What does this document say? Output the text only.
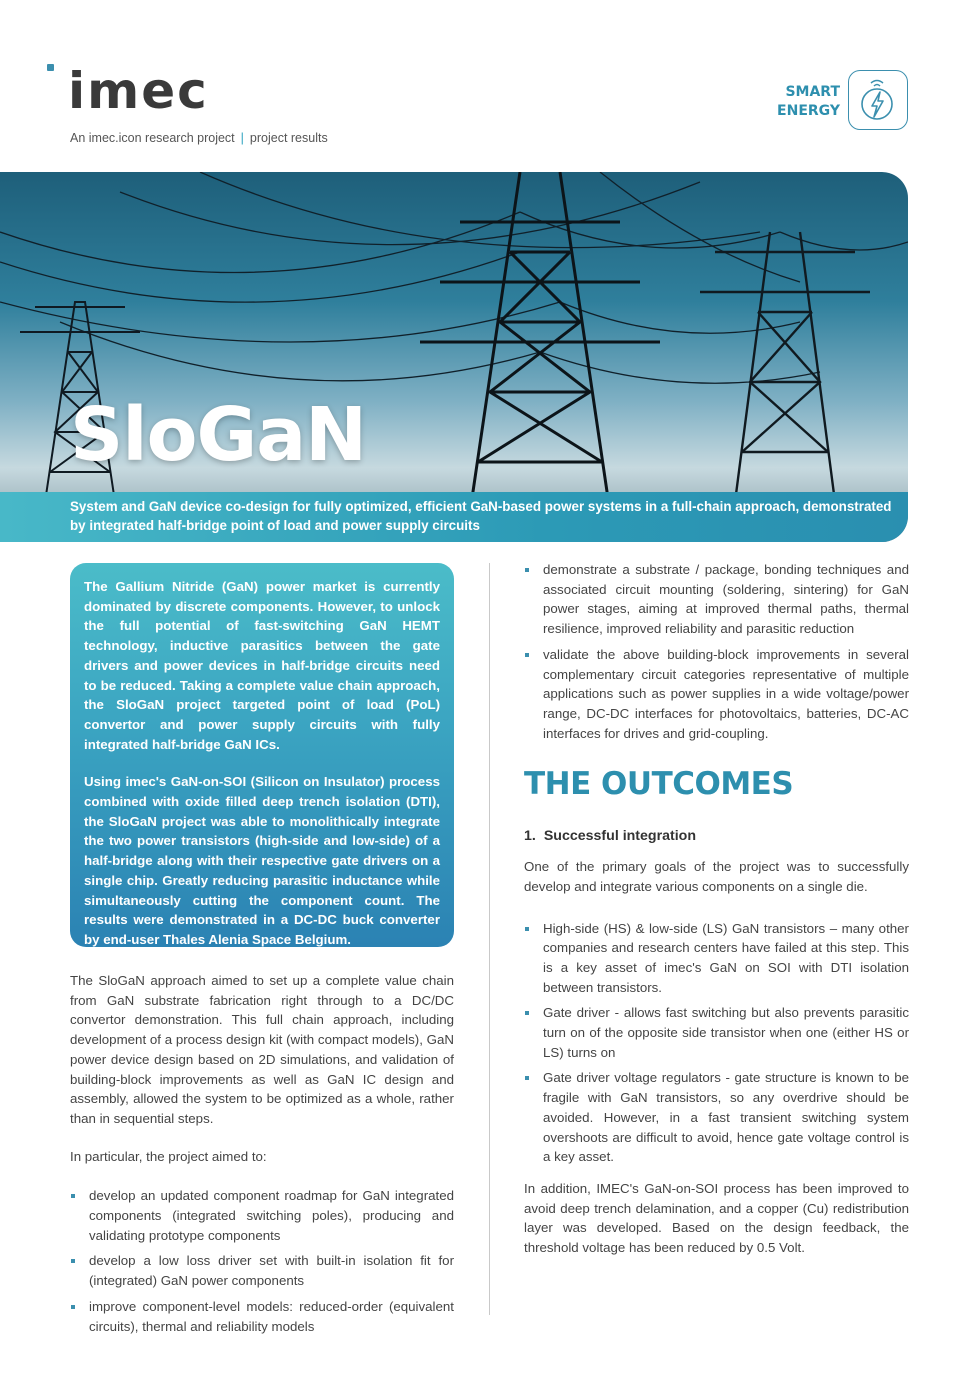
imec
An imec.icon research project | project results
SMART
ENERGY
SloGaN
System and GaN device co-design for fully optimized, efficient GaN-based power systems in a full-chain approach, demonstrated by integrated half-bridge point of load and power supply circuits

The Gallium Nitride (GaN) power market is currently dominated by discrete components. However, to unlock the full potential of fast-switching GaN HEMT technology, inductive parasitics between the gate drivers and power devices in half-bridge circuits need to be reduced. Taking a complete value chain approach, the SloGaN project targeted point of load (PoL) convertor and power supply circuits with fully integrated half-bridge GaN ICs.

Using imec's GaN-on-SOI (Silicon on Insulator) process combined with oxide filled deep trench isolation (DTI), the SloGaN project was able to monolithically integrate the two power transistors (high-side and low-side) of a half-bridge along with their respective gate drivers on a single chip. Greatly reducing parasitic inductance while simultaneously cutting the component count. The results were demonstrated in a DC-DC buck converter by end-user Thales Alenia Space Belgium.

The SloGaN approach aimed to set up a complete value chain from GaN substrate fabrication right through to a DC/DC convertor demonstration. This full chain approach, including development of a process design kit (with compact models), GaN power device design based on 2D simulations, and validation of building-block improvements as well as GaN IC design and assembly, allowed the system to be optimized as a whole, rather than in sequential steps.

In particular, the project aimed to:

develop an updated component roadmap for GaN integrated components (integrated switching poles), producing and validating prototype components
develop a low loss driver set with built-in isolation fit for (integrated) GaN power components
improve component-level models: reduced-order (equivalent circuits), thermal and reliability models
demonstrate a substrate / package, bonding techniques and associated circuit mounting (soldering, sintering) for GaN power stages, aiming at improved thermal paths, thermal resilience, improved reliability and parasitic reduction
validate the above building-block improvements in several complementary circuit categories representative of multiple applications such as power supplies in a wide voltage/power range, DC-DC interfaces for photovoltaics, batteries, DC-AC interfaces for drives and grid-coupling.
THE OUTCOMES
1. Successful integration

One of the primary goals of the project was to successfully develop and integrate various components on a single die.

High-side (HS) & low-side (LS) GaN transistors – many other companies and research centers have failed at this step. This is a key asset of imec's GaN on SOI with DTI isolation between transistors.
Gate driver - allows fast switching but also prevents parasitic turn on of the opposite side transistor when one (either HS or LS) turns on
Gate driver voltage regulators - gate structure is known to be fragile with GaN transistors, so any overdrive should be avoided. However, in a fast transient switching system overshoots are difficult to avoid, hence gate voltage control is a key asset.

In addition, IMEC's GaN-on-SOI process has been improved to avoid deep trench delamination, and a copper (Cu) redistribution layer was developed. Based on the design feedback, the threshold voltage has been reduced by 0.5 Volt.
